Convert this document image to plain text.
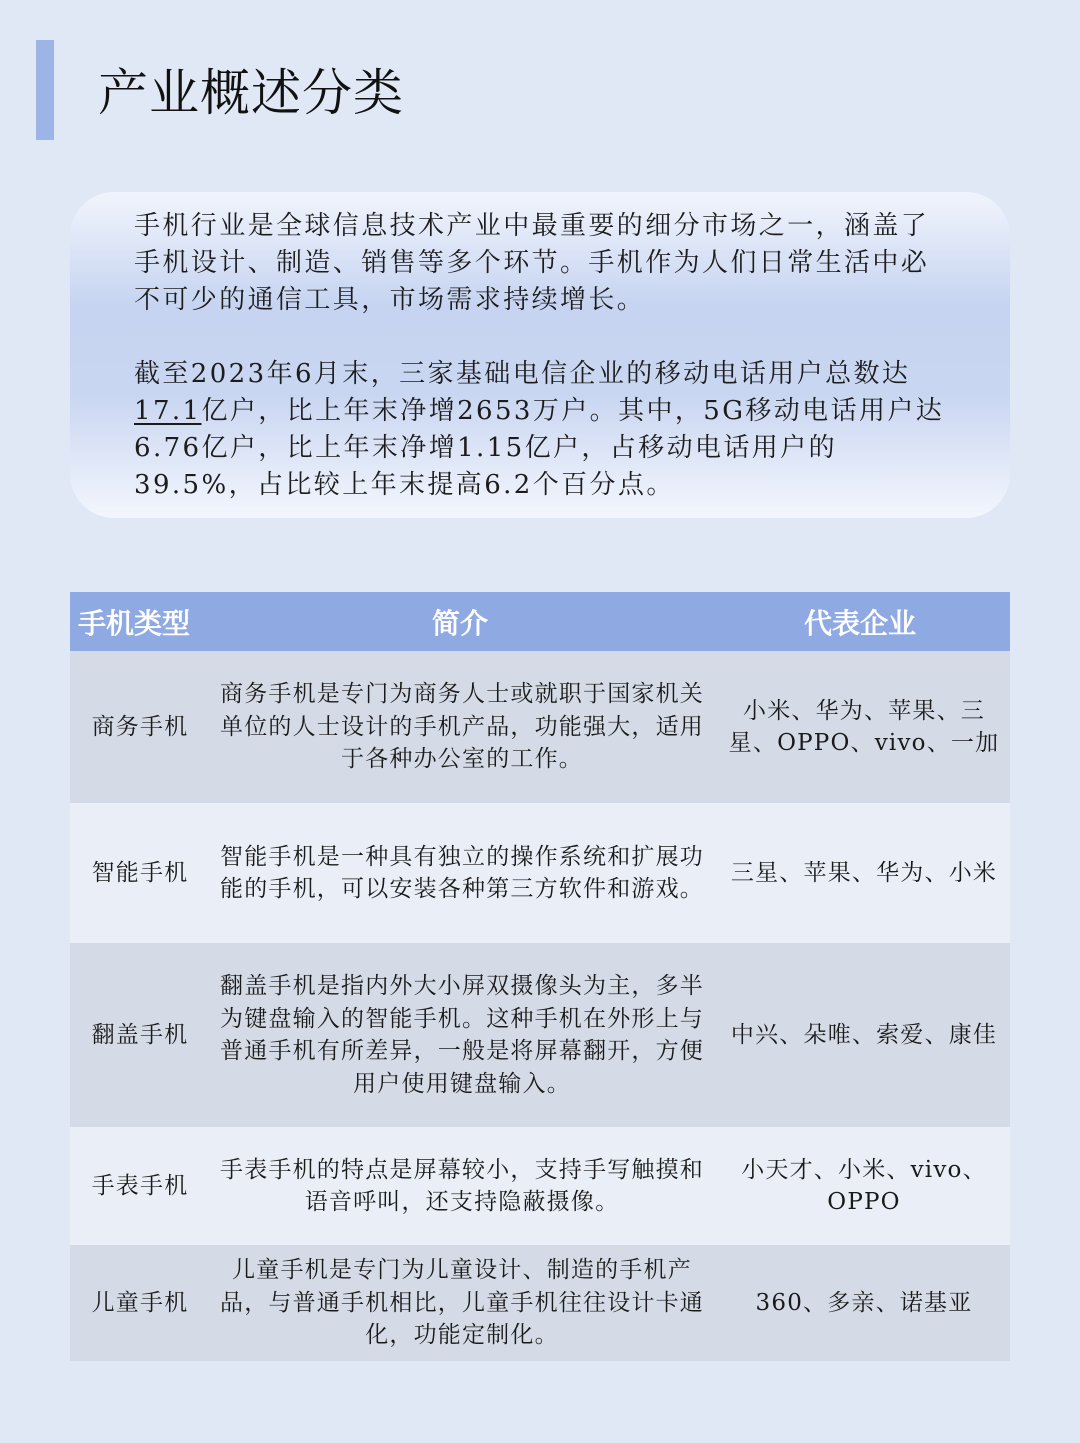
产业概述分类

手机行业是全球信息技术产业中最重要的细分市场之一，涵盖了手机设计、制造、销售等多个环节。手机作为人们日常生活中必不可少的通信工具，市场需求持续增长。

截至2023年6月末，三家基础电信企业的移动电话用户总数达17.1亿户，比上年末净增2653万户。其中，5G移动电话用户达6.76亿户，比上年末净增1.15亿户，占移动电话用户的39.5%，占比较上年末提高6.2个百分点。

手机类型	简介	代表企业
商务手机
商务手机是专门为商务人士或就职于国家机关单位的人士设计的手机产品，功能强大，适用于各种办公室的工作。
小米、华为、苹果、三星、OPPO、vivo、一加
智能手机
智能手机是一种具有独立的操作系统和扩展功能的手机，可以安装各种第三方软件和游戏。
三星、苹果、华为、小米
翻盖手机
翻盖手机是指内外大小屏双摄像头为主，多半为键盘输入的智能手机。这种手机在外形上与普通手机有所差异，一般是将屏幕翻开，方便用户使用键盘输入。
中兴、朵唯、索爱、康佳
手表手机
手表手机的特点是屏幕较小，支持手写触摸和语音呼叫，还支持隐蔽摄像。
小天才、小米、vivo、OPPO
儿童手机
儿童手机是专门为儿童设计、制造的手机产品，与普通手机相比，儿童手机往往设计卡通化，功能定制化。
360、多亲、诺基亚
